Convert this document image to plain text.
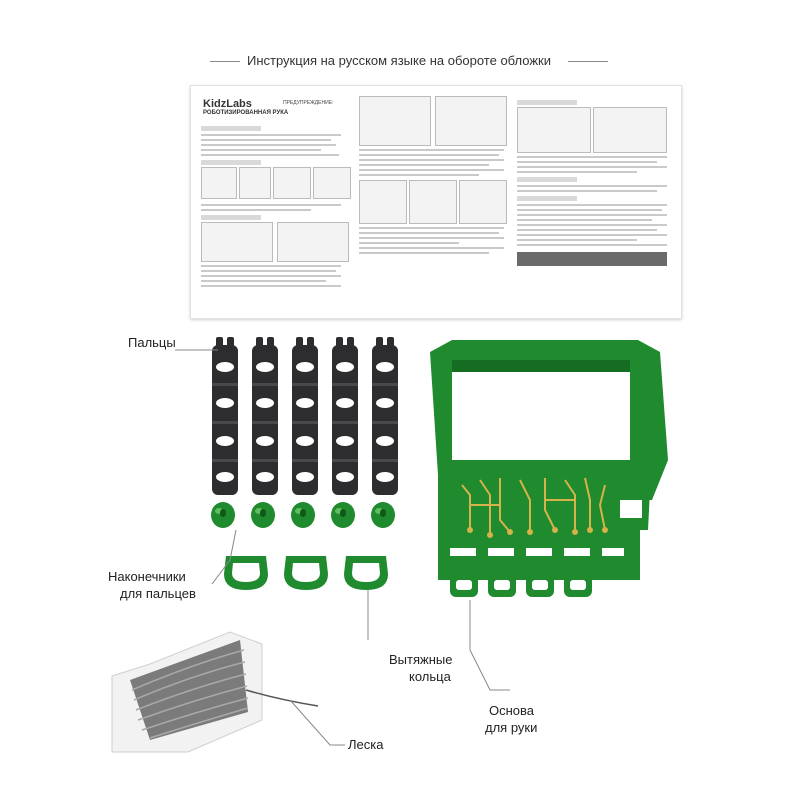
Инструкция на русском языке на обороте обложки
KidzLabs
РОБОТИЗИРОВАННАЯ РУКА
ПРЕДУПРЕЖДЕНИЕ:
Пальцы
Наконечники
для пальцев
Вытяжные
кольца
Основа
для руки
Леска
